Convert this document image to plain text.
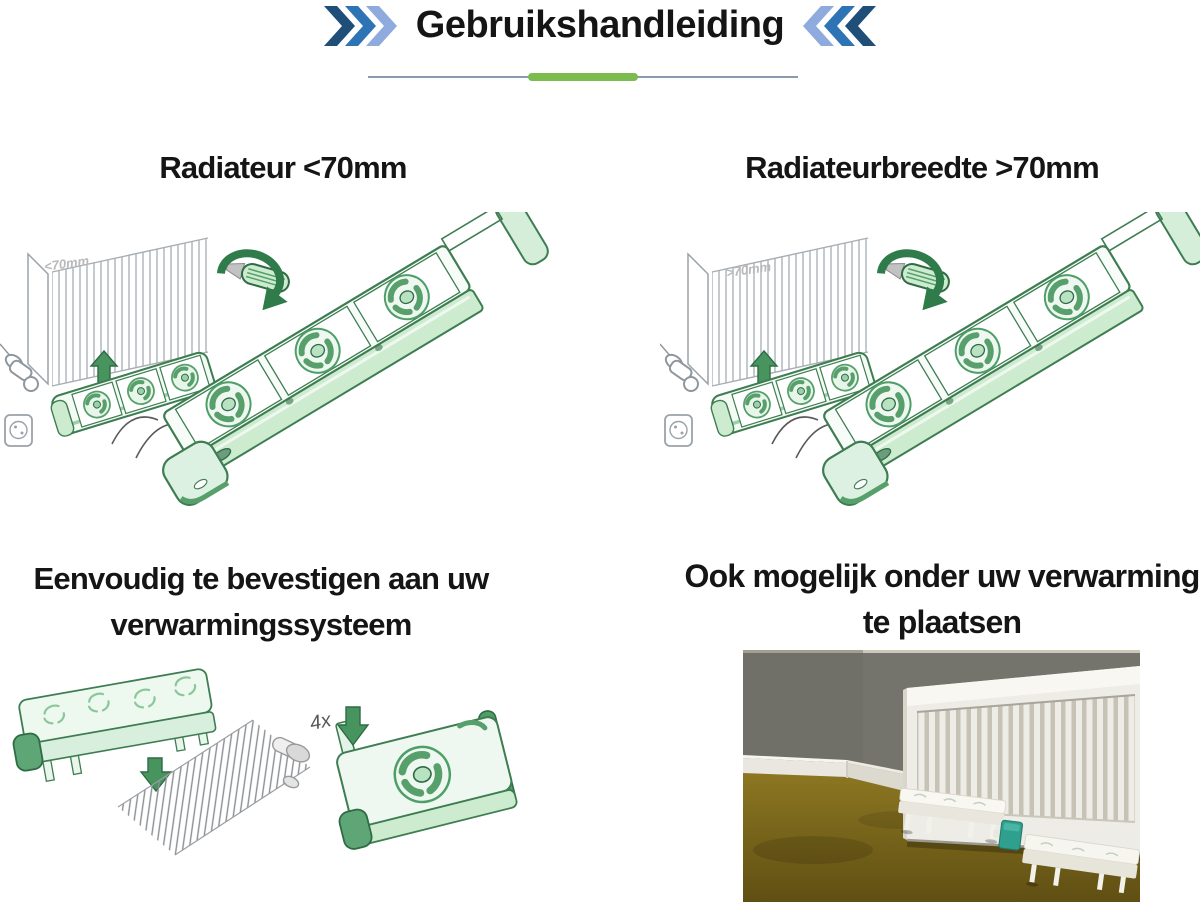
Gebruikshandleiding
Radiateur <70mm	Radiateurbreedte >70mm
Eenvoudig te bevestigen aan uw
verwarmingssysteem
Ook mogelijk onder uw verwarming
te plaatsen
<70mm	>70mm
4x
